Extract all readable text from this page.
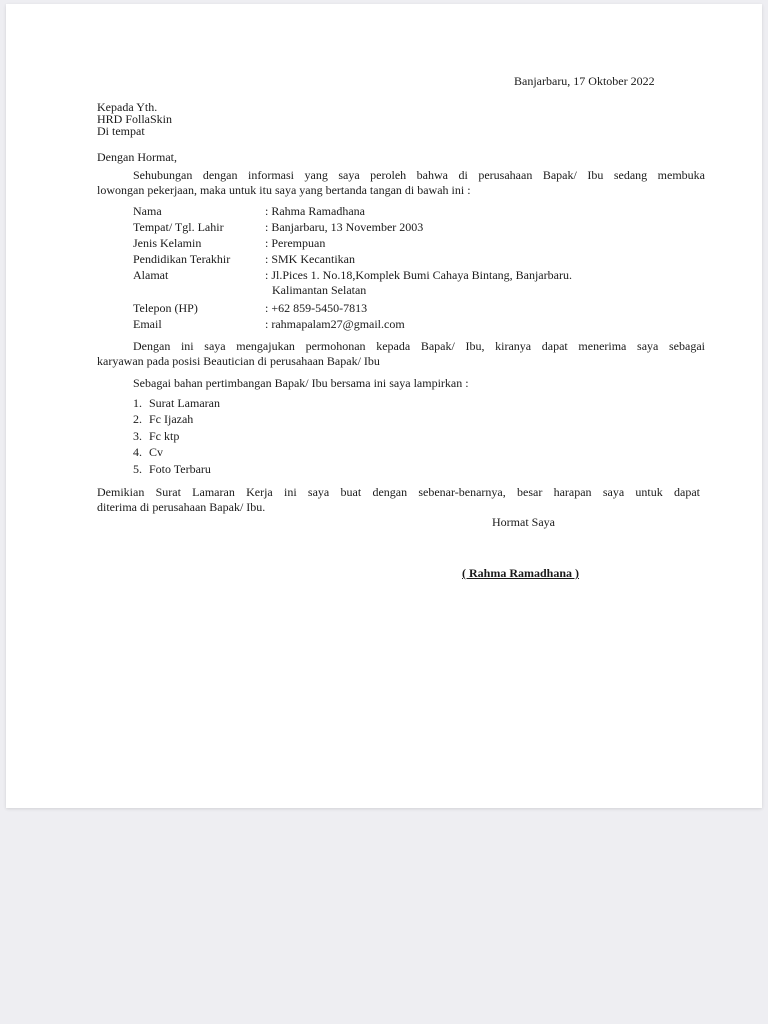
Banjarbaru, 17 Oktober 2022
Kepada Yth.
HRD FollaSkin
Di tempat
Dengan Hormat,
Sehubungan dengan informasi yang saya peroleh bahwa di perusahaan Bapak/ Ibu sedang membuka
lowongan pekerjaan, maka untuk itu saya yang bertanda tangan di bawah ini :
Nama	: Rahma Ramadhana
Tempat/ Tgl. Lahir	: Banjarbaru, 13 November 2003
Jenis Kelamin	: Perempuan
Pendidikan Terakhir	: SMK Kecantikan
Alamat	: Jl.Pices 1. No.18,Komplek Bumi Cahaya Bintang, Banjarbaru.
Kalimantan Selatan
Telepon (HP)	: +62 859-5450-7813
Email	: rahmapalam27@gmail.com
Dengan ini saya mengajukan permohonan kepada Bapak/ Ibu, kiranya dapat menerima saya sebagai
karyawan pada posisi Beautician di perusahaan Bapak/ Ibu
Sebagai bahan pertimbangan Bapak/ Ibu bersama ini saya lampirkan :
1. Surat Lamaran
2. Fc Ijazah
3. Fc ktp
4. Cv
5. Foto Terbaru
Demikian Surat Lamaran Kerja ini saya buat dengan sebenar-benarnya, besar harapan saya untuk dapat
diterima di perusahaan Bapak/ Ibu.
Hormat Saya
( Rahma Ramadhana )
